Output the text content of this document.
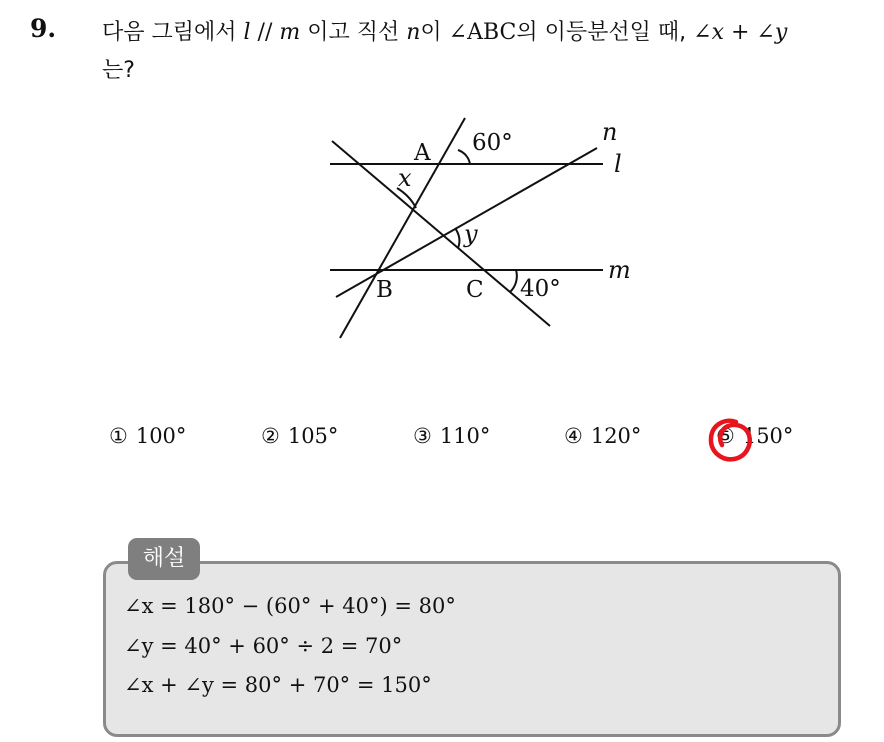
9. 다음 그림에서 l // m 이고 직선 n이 ∠ABC의 이등분선일 때, ∠x + ∠y
는?
A
B	C
60°
40°
x
y
l
m
n
① 100°	② 105°	③ 110°	④ 120°	⑤ 150°
해설
∠x = 180° − (60° + 40°) = 80°
∠y = 40° + 60° ÷ 2 = 70°
∠x + ∠y = 80° + 70° = 150°
